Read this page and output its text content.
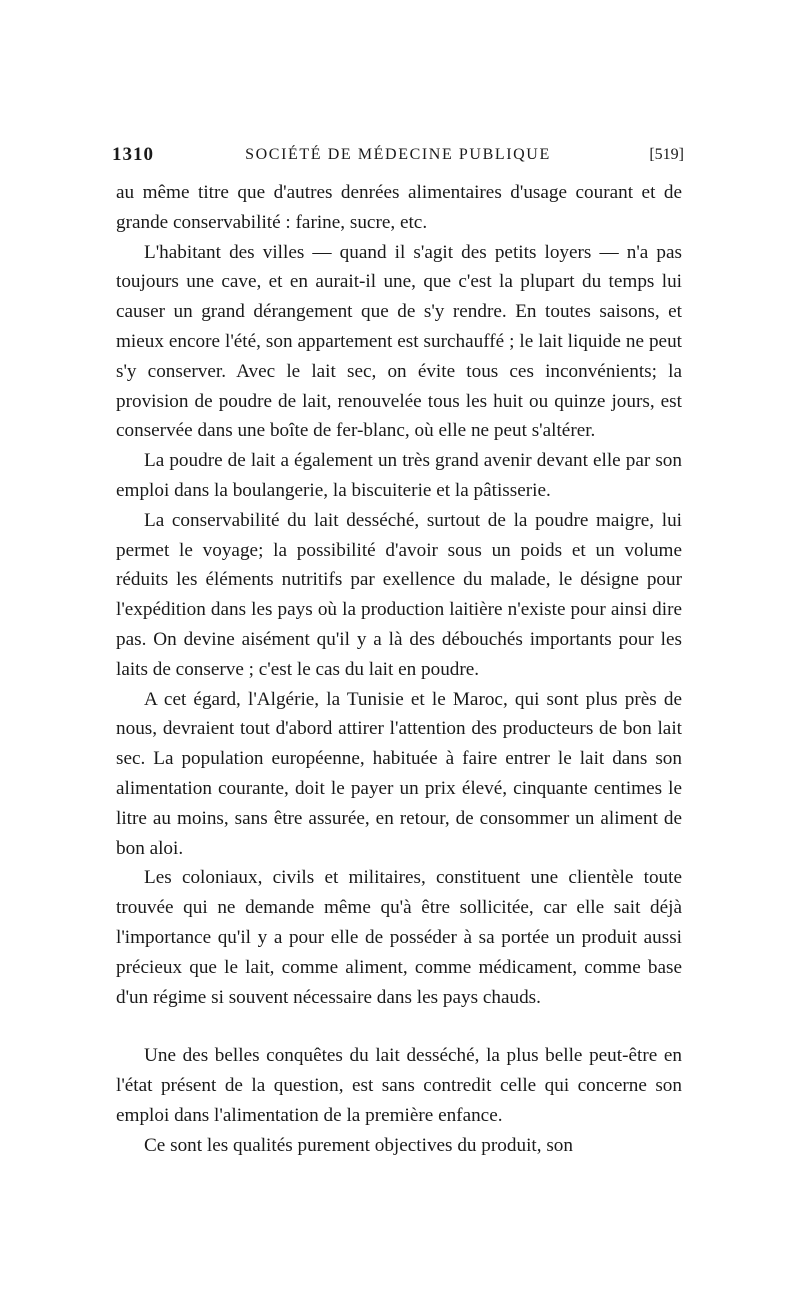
1310	SOCIÉTÉ DE MÉDECINE PUBLIQUE	[519]

au même titre que d'autres denrées alimentaires d'usage courant et de grande conservabilité : farine, sucre, etc.

L'habitant des villes — quand il s'agit des petits loyers — n'a pas toujours une cave, et en aurait-il une, que c'est la plupart du temps lui causer un grand dérangement que de s'y rendre. En toutes saisons, et mieux encore l'été, son appartement est surchauffé ; le lait liquide ne peut s'y conserver. Avec le lait sec, on évite tous ces inconvénients; la provision de poudre de lait, renouvelée tous les huit ou quinze jours, est conservée dans une boîte de fer-blanc, où elle ne peut s'altérer.

La poudre de lait a également un très grand avenir devant elle par son emploi dans la boulangerie, la biscuiterie et la pâtisserie.

La conservabilité du lait desséché, surtout de la poudre maigre, lui permet le voyage; la possibilité d'avoir sous un poids et un volume réduits les éléments nutritifs par exellence du malade, le désigne pour l'expédition dans les pays où la production laitière n'existe pour ainsi dire pas. On devine aisément qu'il y a là des débouchés importants pour les laits de conserve ; c'est le cas du lait en poudre.

A cet égard, l'Algérie, la Tunisie et le Maroc, qui sont plus près de nous, devraient tout d'abord attirer l'attention des producteurs de bon lait sec. La population européenne, habituée à faire entrer le lait dans son alimentation courante, doit le payer un prix élevé, cinquante centimes le litre au moins, sans être assurée, en retour, de consommer un aliment de bon aloi.

Les coloniaux, civils et militaires, constituent une clientèle toute trouvée qui ne demande même qu'à être sollicitée, car elle sait déjà l'importance qu'il y a pour elle de posséder à sa portée un produit aussi précieux que le lait, comme aliment, comme médicament, comme base d'un régime si souvent nécessaire dans les pays chauds.

Une des belles conquêtes du lait desséché, la plus belle peut-être en l'état présent de la question, est sans contredit celle qui concerne son emploi dans l'alimentation de la première enfance.

Ce sont les qualités purement objectives du produit, son
